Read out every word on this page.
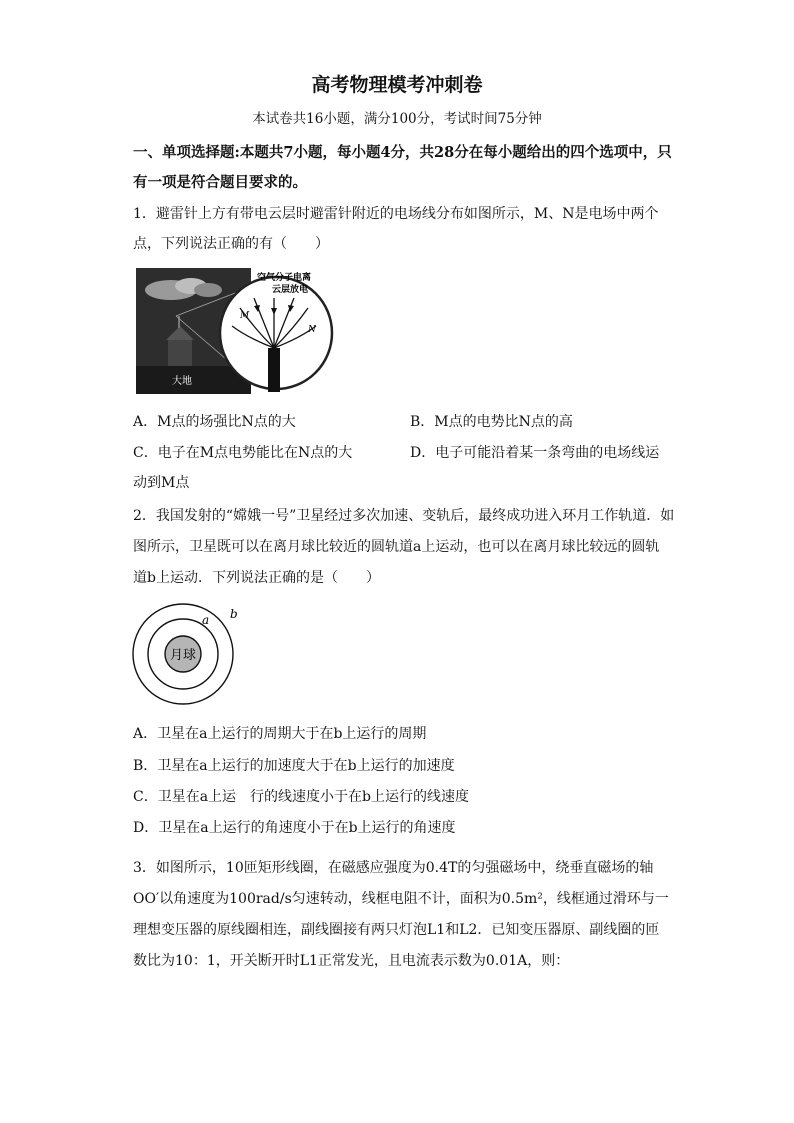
高考物理模考冲刺卷
本试卷共16小题，满分100分，考试时间75分钟
一、单项选择题:本题共7小题，每小题4分，共28分在每小题给出的四个选项中，只
有一项是符合题目要求的。
1．避雷针上方有带电云层时避雷针附近的电场线分布如图所示，M、N是电场中两个
点，下列说法正确的有（　　）
空气分子电离
云层放电
M
N
大地
A．M点的场强比N点的大	B．M点的电势比N点的高
C．电子在M点电势能比在N点的大	D．电子可能沿着某一条弯曲的电场线运
动到M点
2．我国发射的“嫦娥一号”卫星经过多次加速、变轨后，最终成功进入环月工作轨道．如
图所示，卫星既可以在离月球比较近的圆轨道a上运动，也可以在离月球比较远的圆轨
道b上运动．下列说法正确的是（　　）
月球
a b
A．卫星在a上运行的周期大于在b上运行的周期
B．卫星在a上运行的加速度大于在b上运行的加速度
C．卫星在a上运　行的线速度小于在b上运行的线速度
D．卫星在a上运行的角速度小于在b上运行的角速度
3．如图所示，10匝矩形线圈，在磁感应强度为0.4T的匀强磁场中，绕垂直磁场的轴
OO′以角速度为100rad/s匀速转动，线框电阻不计，面积为0.5m²，线框通过滑环与一
理想变压器的原线圈相连，副线圈接有两只灯泡L1和L2．已知变压器原、副线圈的匝
数比为10：1，开关断开时L1正常发光，且电流表示数为0.01A，则：
